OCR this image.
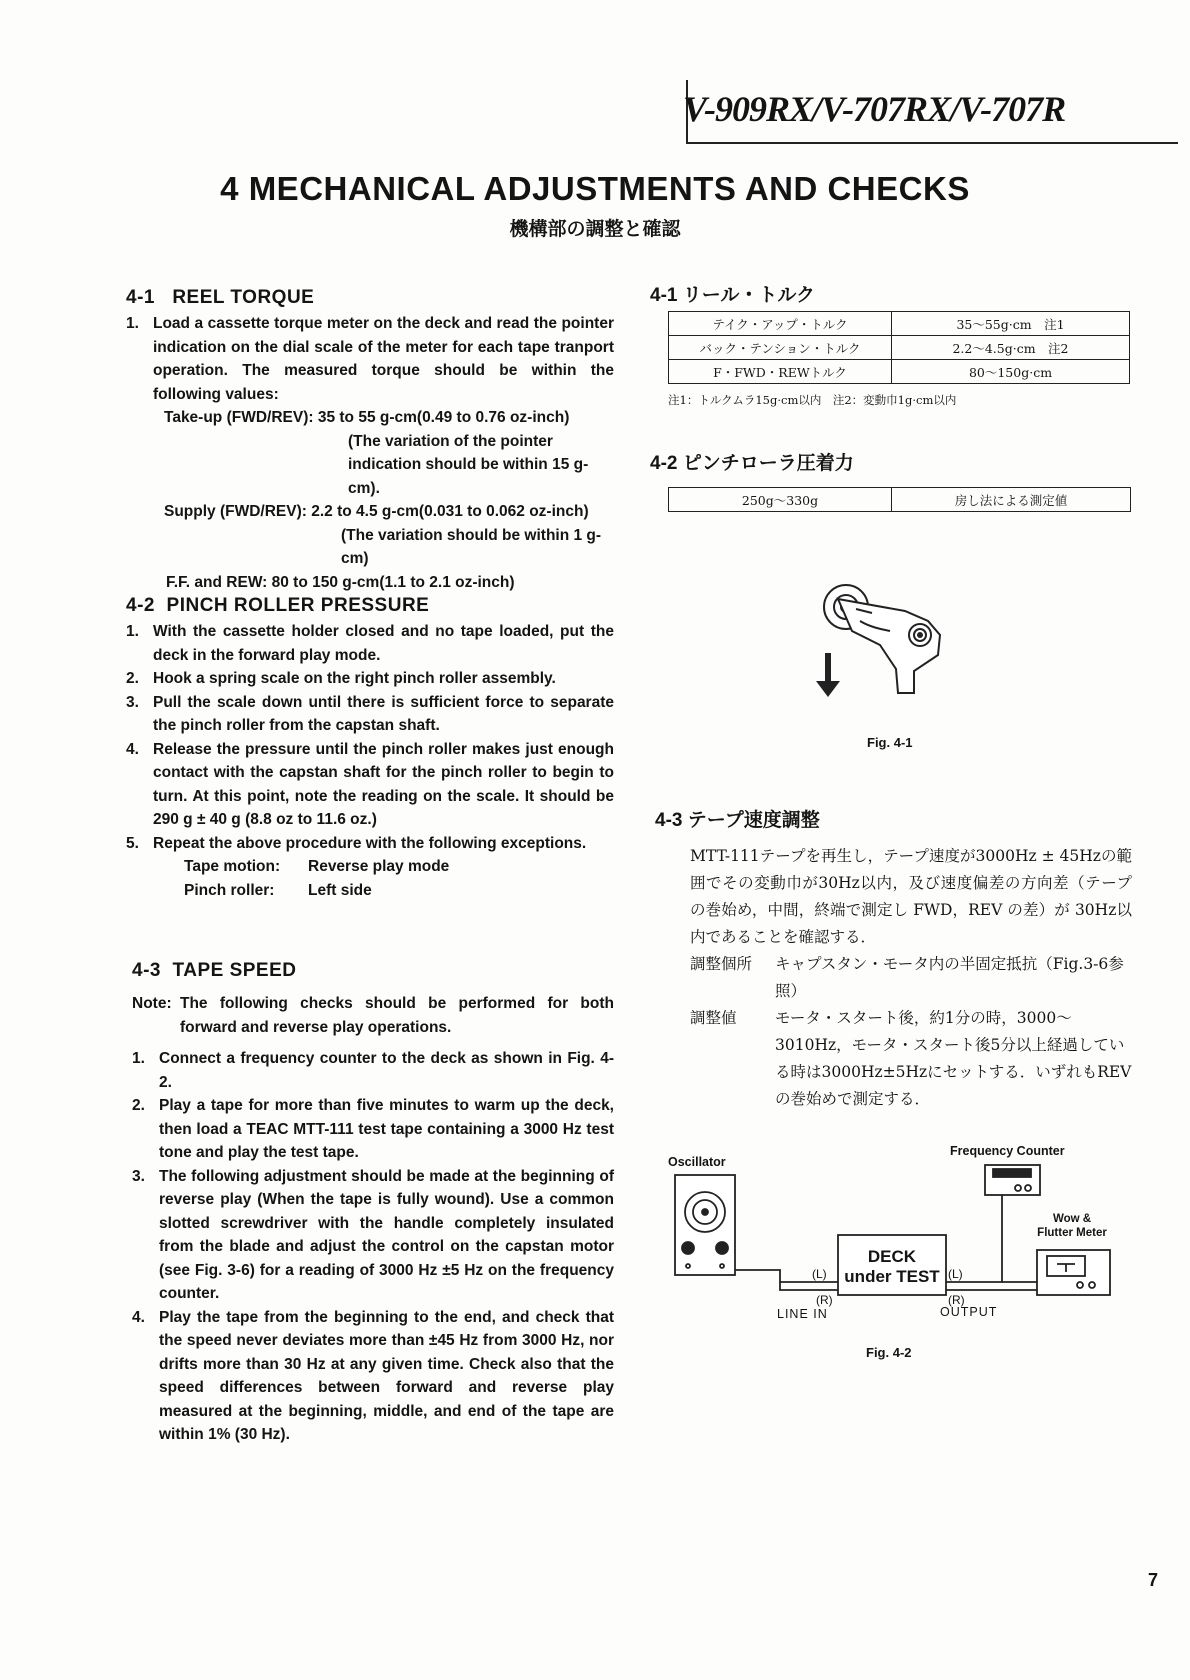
V-909RX/V-707RX/V-707R
4 MECHANICAL ADJUSTMENTS AND CHECKS
機構部の調整と確認
4-1 REEL TORQUE
1. Load a cassette torque meter on the deck and read the pointer indication on the dial scale of the meter for each tape tranport operation. The measured torque should be within the following values:
Take-up (FWD/REV): 35 to 55 g-cm(0.49 to 0.76 oz-inch)
(The variation of the pointer indication should be within 15 g-cm).
Supply (FWD/REV): 2.2 to 4.5 g-cm(0.031 to 0.062 oz-inch)
(The variation should be within 1 g-cm)
F.F. and REW: 80 to 150 g-cm(1.1 to 2.1 oz-inch)
4-2 PINCH ROLLER PRESSURE
1. With the cassette holder closed and no tape loaded, put the deck in the forward play mode.
2. Hook a spring scale on the right pinch roller assembly.
3. Pull the scale down until there is sufficient force to separate the pinch roller from the capstan shaft.
4. Release the pressure until the pinch roller makes just enough contact with the capstan shaft for the pinch roller to begin to turn. At this point, note the reading on the scale. It should be 290 g ± 40 g (8.8 oz to 11.6 oz.)
5. Repeat the above procedure with the following exceptions.
Tape motion: Reverse play mode
Pinch roller: Left side
4-3 TAPE SPEED
Note: The following checks should be performed for both forward and reverse play operations.
1. Connect a frequency counter to the deck as shown in Fig. 4-2.
2. Play a tape for more than five minutes to warm up the deck, then load a TEAC MTT-111 test tape containing a 3000 Hz test tone and play the test tape.
3. The following adjustment should be made at the beginning of reverse play (When the tape is fully wound). Use a common slotted screwdriver with the handle completely insulated from the blade and adjust the control on the capstan motor (see Fig. 3-6) for a reading of 3000 Hz ±5 Hz on the frequency counter.
4. Play the tape from the beginning to the end, and check that the speed never deviates more than ±45 Hz from 3000 Hz, nor drifts more than 30 Hz at any given time. Check also that the speed differences between forward and reverse play measured at the beginning, middle, and end of the tape are within 1% (30 Hz).
4-1 リール・トルク
テイク・アップ・トルク	35〜55g·cm　注1
バック・テンション・トルク	2.2〜4.5g·cm　注2
F・FWD・REWトルク	80〜150g·cm
注1：トルクムラ15g·cm以内　注2：変動巾1g·cm以内
4-2 ピンチローラ圧着力
250g〜330g	房し法による測定値
Fig. 4-1
4-3 テープ速度調整
MTT-111テープを再生し，テープ速度が3000Hz ± 45Hzの範囲でその変動巾が30Hz以内，及び速度偏差の方向差（テープの巻始め，中間，終端で測定し FWD，REV の差）が 30Hz以内であることを確認する．
調整個所 キャプスタン・モータ内の半固定抵抗（Fig.3-6参照）
調整値 モータ・スタート後，約1分の時，3000〜3010Hz，モータ・スタート後5分以上経過している時は3000Hz±5Hzにセットする．いずれもREVの巻始めで測定する．
Oscillator
Frequency Counter
Wow &
Flutter Meter
DECK
under TEST
(L)
(R)
(L)
(R)
LINE IN	OUTPUT
Fig. 4-2
7
